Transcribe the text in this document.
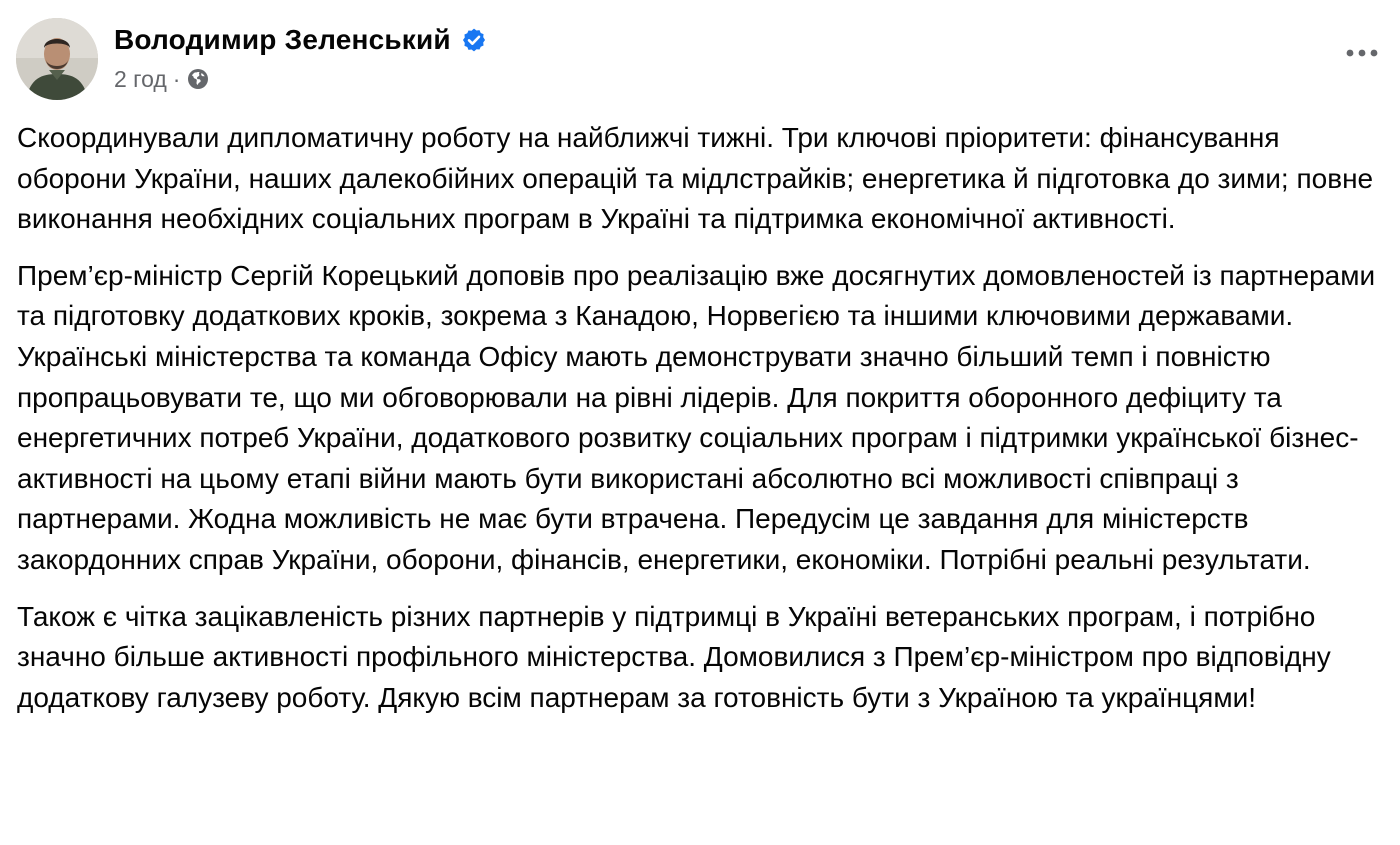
Володимир Зеленський
2 год ·

Скоординували дипломатичну роботу на найближчі тижні. Три ключові пріоритети: фінансування оборони України, наших далекобійних операцій та мідлстрайків; енергетика й підготовка до зими; повне виконання необхідних соціальних програм в Україні та підтримка економічної активності.

Прем’єр-міністр Сергій Корецький доповів про реалізацію вже досягнутих домовленостей із партнерами та підготовку додаткових кроків, зокрема з Канадою, Норвегією та іншими ключовими державами. Українські міністерства та команда Офісу мають демонструвати значно більший темп і повністю пропрацьовувати те, що ми обговорювали на рівні лідерів. Для покриття оборонного дефіциту та енергетичних потреб України, додаткового розвитку соціальних програм і підтримки української бізнес-активності на цьому етапі війни мають бути використані абсолютно всі можливості співпраці з партнерами. Жодна можливість не має бути втрачена. Передусім це завдання для міністерств закордонних справ України, оборони, фінансів, енергетики, економіки. Потрібні реальні результати.

Також є чітка зацікавленість різних партнерів у підтримці в Україні ветеранських програм, і потрібно значно більше активності профільного міністерства. Домовилися з Прем’єр-міністром про відповідну додаткову галузеву роботу. Дякую всім партнерам за готовність бути з Україною та українцями!
